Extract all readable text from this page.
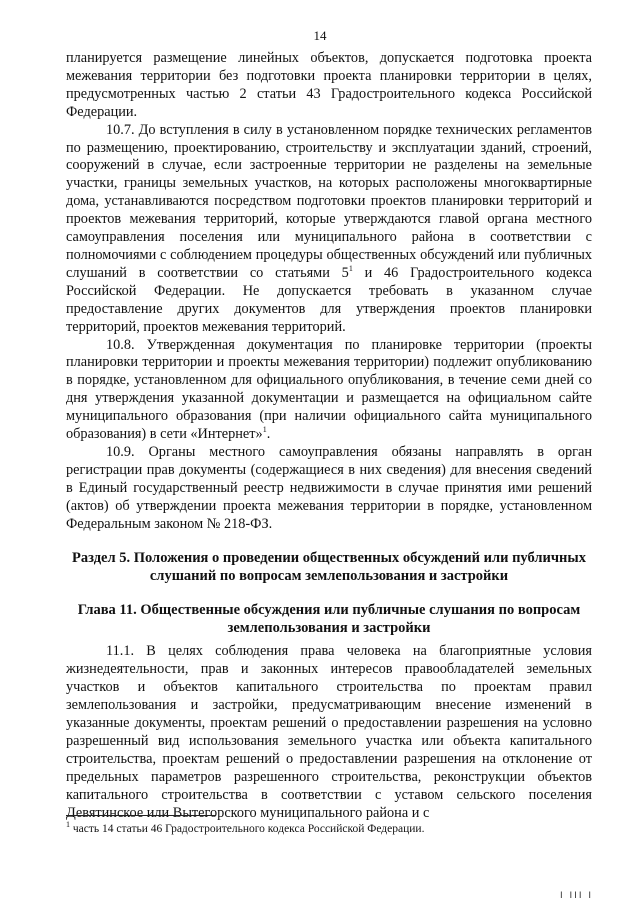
14

планируется размещение линейных объектов, допускается подготовка проекта межевания территории без подготовки проекта планировки территории в целях, предусмотренных частью 2 статьи 43 Градостроительного кодекса Российской Федерации.

10.7. До вступления в силу в установленном порядке технических регламентов по размещению, проектированию, строительству и эксплуатации зданий, строений, сооружений в случае, если застроенные территории не разделены на земельные участки, границы земельных участков, на которых расположены многоквартирные дома, устанавливаются посредством подготовки проектов планировки территорий и проектов межевания территорий, которые утверждаются главой органа местного самоуправления поселения или муниципального района в соответствии с полномочиями с соблюдением процедуры общественных обсуждений или публичных слушаний в соответствии со статьями $5^1$ и 46 Градостроительного кодекса Российской Федерации. Не допускается требовать в указанном случае предоставление других документов для утверждения проектов планировки территорий, проектов межевания территорий.

10.8. Утвержденная документация по планировке территории (проекты планировки территории и проекты межевания территории) подлежит опубликованию в порядке, установленном для официального опубликования, в течение семи дней со дня утверждения указанной документации и размещается на официальном сайте муниципального образования (при наличии официального сайта муниципального образования) в сети «Интернет»$^1$.

10.9. Органы местного самоуправления обязаны направлять в орган регистрации прав документы (содержащиеся в них сведения) для внесения сведений в Единый государственный реестр недвижимости в случае принятия ими решений (актов) об утверждении проекта межевания территории в порядке, установленном Федеральным законом № 218-ФЗ.

Раздел 5. Положения о проведении общественных обсуждений или публичных слушаний по вопросам землепользования и застройки
Глава 11. Общественные обсуждения или публичные слушания по вопросам землепользования и застройки

11.1. В целях соблюдения права человека на благоприятные условия жизнедеятельности, прав и законных интересов правообладателей земельных участков и объектов капитального строительства по проектам правил землепользования и застройки, предусматривающим внесение изменений в указанные документы, проектам решений о предоставлении разрешения на условно разрешенный вид использования земельного участка или объекта капитального строительства, проектам решений о предоставлении разрешения на отклонение от предельных параметров разрешенного строительства, реконструкции объектов капитального строительства в соответствии с уставом сельского поселения Девятинское или Вытегорского муниципального района и с

$^1$ часть 14 статьи 46 Градостроительного кодекса Российской Федерации.
I III I
